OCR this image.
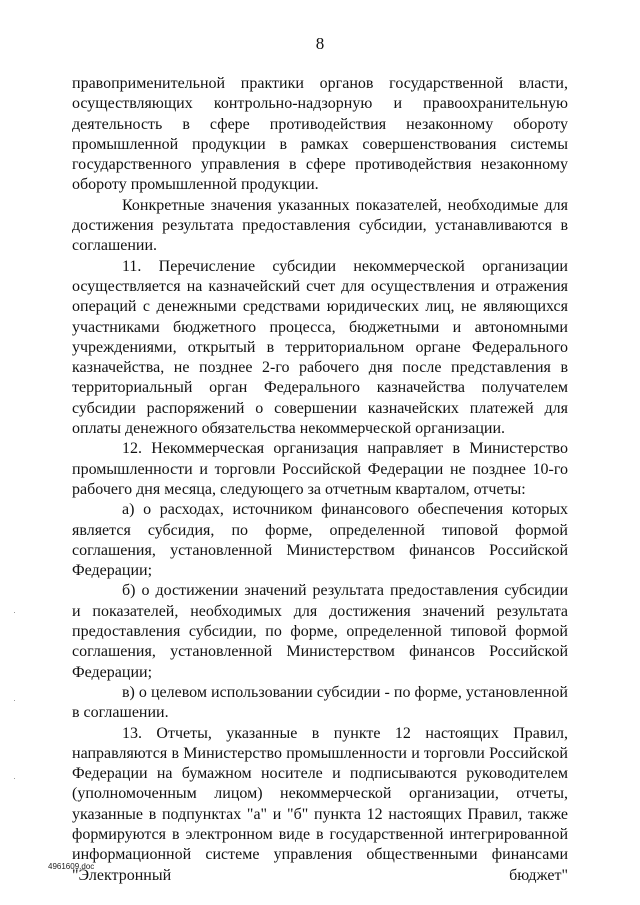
8

правоприменительной практики органов государственной власти, осуществляющих контрольно-надзорную и правоохранительную деятельность в сфере противодействия незаконному обороту промышленной продукции в рамках совершенствования системы государственного управления в сфере противодействия незаконному обороту промышленной продукции.

Конкретные значения указанных показателей, необходимые для достижения результата предоставления субсидии, устанавливаются в соглашении.

11. Перечисление субсидии некоммерческой организации осуществляется на казначейский счет для осуществления и отражения операций с денежными средствами юридических лиц, не являющихся участниками бюджетного процесса, бюджетными и автономными учреждениями, открытый в территориальном органе Федерального казначейства, не позднее 2-го рабочего дня после представления в территориальный орган Федерального казначейства получателем субсидии распоряжений о совершении казначейских платежей для оплаты денежного обязательства некоммерческой организации.

12. Некоммерческая организация направляет в Министерство промышленности и торговли Российской Федерации не позднее 10-го рабочего дня месяца, следующего за отчетным кварталом, отчеты:

а) о расходах, источником финансового обеспечения которых является субсидия, по форме, определенной типовой формой соглашения, установленной Министерством финансов Российской Федерации;

б) о достижении значений результата предоставления субсидии и показателей, необходимых для достижения значений результата предоставления субсидии, по форме, определенной типовой формой соглашения, установленной Министерством финансов Российской Федерации;

в) о целевом использовании субсидии - по форме, установленной в соглашении.

13. Отчеты, указанные в пункте 12 настоящих Правил, направляются в Министерство промышленности и торговли Российской Федерации на бумажном носителе и подписываются руководителем (уполномоченным лицом) некоммерческой организации, отчеты, указанные в подпунктах "а" и "б" пункта 12 настоящих Правил, также формируются в электронном виде в государственной интегрированной информационной системе управления общественными финансами "Электронный бюджет"

4961609.doc
